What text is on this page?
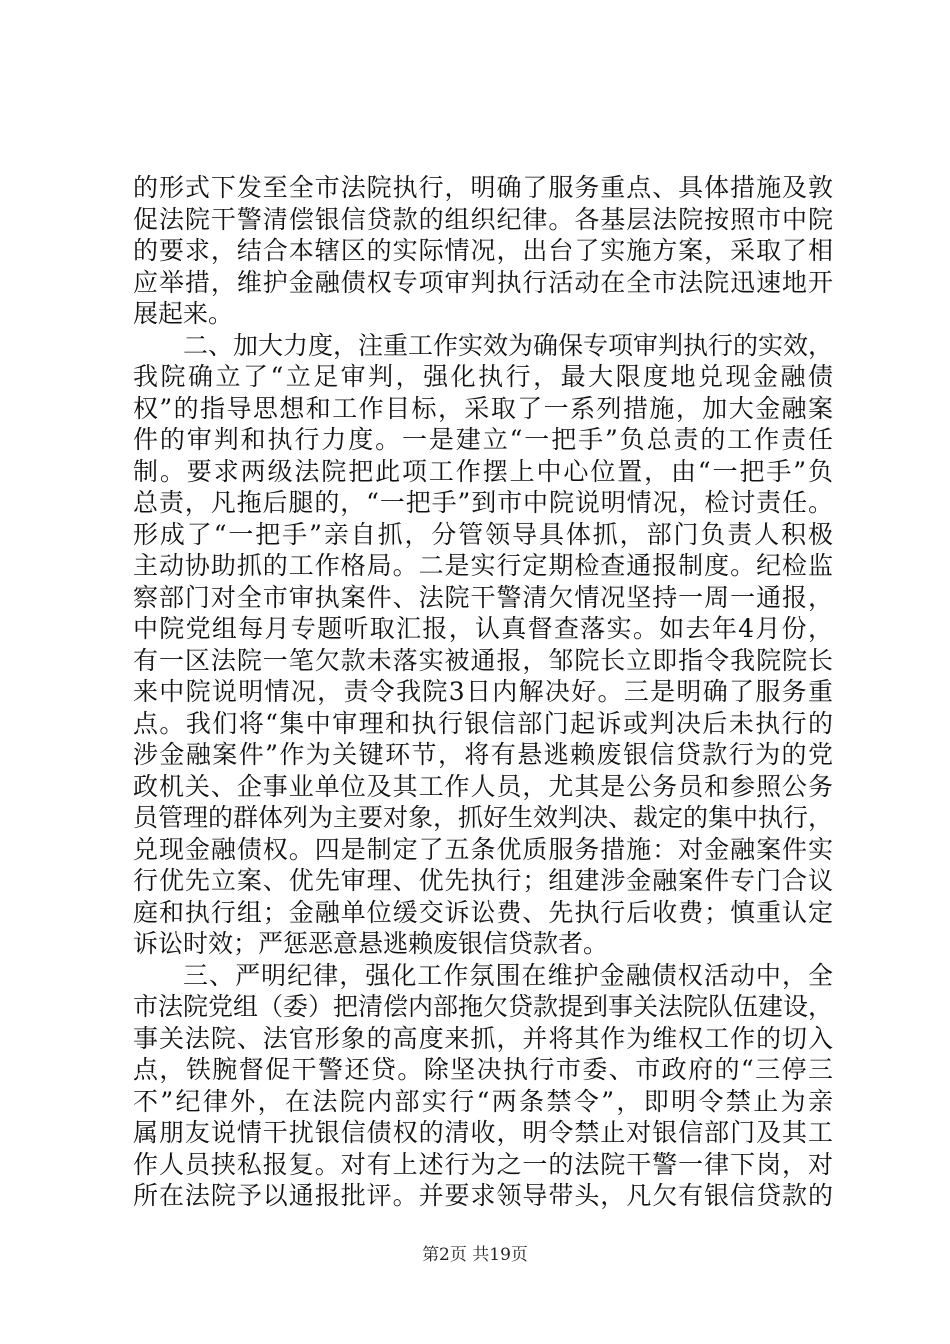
的形式下发至全市法院执行，明确了服务重点、具体措施及敦
促法院干警清偿银信贷款的组织纪律。各基层法院按照市中院
的要求，结合本辖区的实际情况，出台了实施方案，采取了相
应举措，维护金融债权专项审判执行活动在全市法院迅速地开
展起来。
二、加大力度，注重工作实效为确保专项审判执行的实效，
我院确立了“立足审判，强化执行，最大限度地兑现金融债
权”的指导思想和工作目标，采取了一系列措施，加大金融案
件的审判和执行力度。一是建立“一把手”负总责的工作责任
制。要求两级法院把此项工作摆上中心位置，由“一把手”负
总责，凡拖后腿的，“一把手”到市中院说明情况，检讨责任。
形成了“一把手”亲自抓，分管领导具体抓，部门负责人积极
主动协助抓的工作格局。二是实行定期检查通报制度。纪检监
察部门对全市审执案件、法院干警清欠情况坚持一周一通报，
中院党组每月专题听取汇报，认真督查落实。如去年4月份，
有一区法院一笔欠款未落实被通报，邹院长立即指令我院院长
来中院说明情况，责令我院3日内解决好。三是明确了服务重
点。我们将“集中审理和执行银信部门起诉或判决后未执行的
涉金融案件”作为关键环节，将有悬逃赖废银信贷款行为的党
政机关、企事业单位及其工作人员，尤其是公务员和参照公务
员管理的群体列为主要对象，抓好生效判决、裁定的集中执行，
兑现金融债权。四是制定了五条优质服务措施：对金融案件实
行优先立案、优先审理、优先执行；组建涉金融案件专门合议
庭和执行组；金融单位缓交诉讼费、先执行后收费；慎重认定
诉讼时效；严惩恶意悬逃赖废银信贷款者。
三、严明纪律，强化工作氛围在维护金融债权活动中，全
市法院党组（委）把清偿内部拖欠贷款提到事关法院队伍建设，
事关法院、法官形象的高度来抓，并将其作为维权工作的切入
点，铁腕督促干警还贷。除坚决执行市委、市政府的“三停三
不”纪律外，在法院内部实行“两条禁令”，即明令禁止为亲
属朋友说情干扰银信债权的清收，明令禁止对银信部门及其工
作人员挟私报复。对有上述行为之一的法院干警一律下岗，对
所在法院予以通报批评。并要求领导带头，凡欠有银信贷款的
第2页 共19页
